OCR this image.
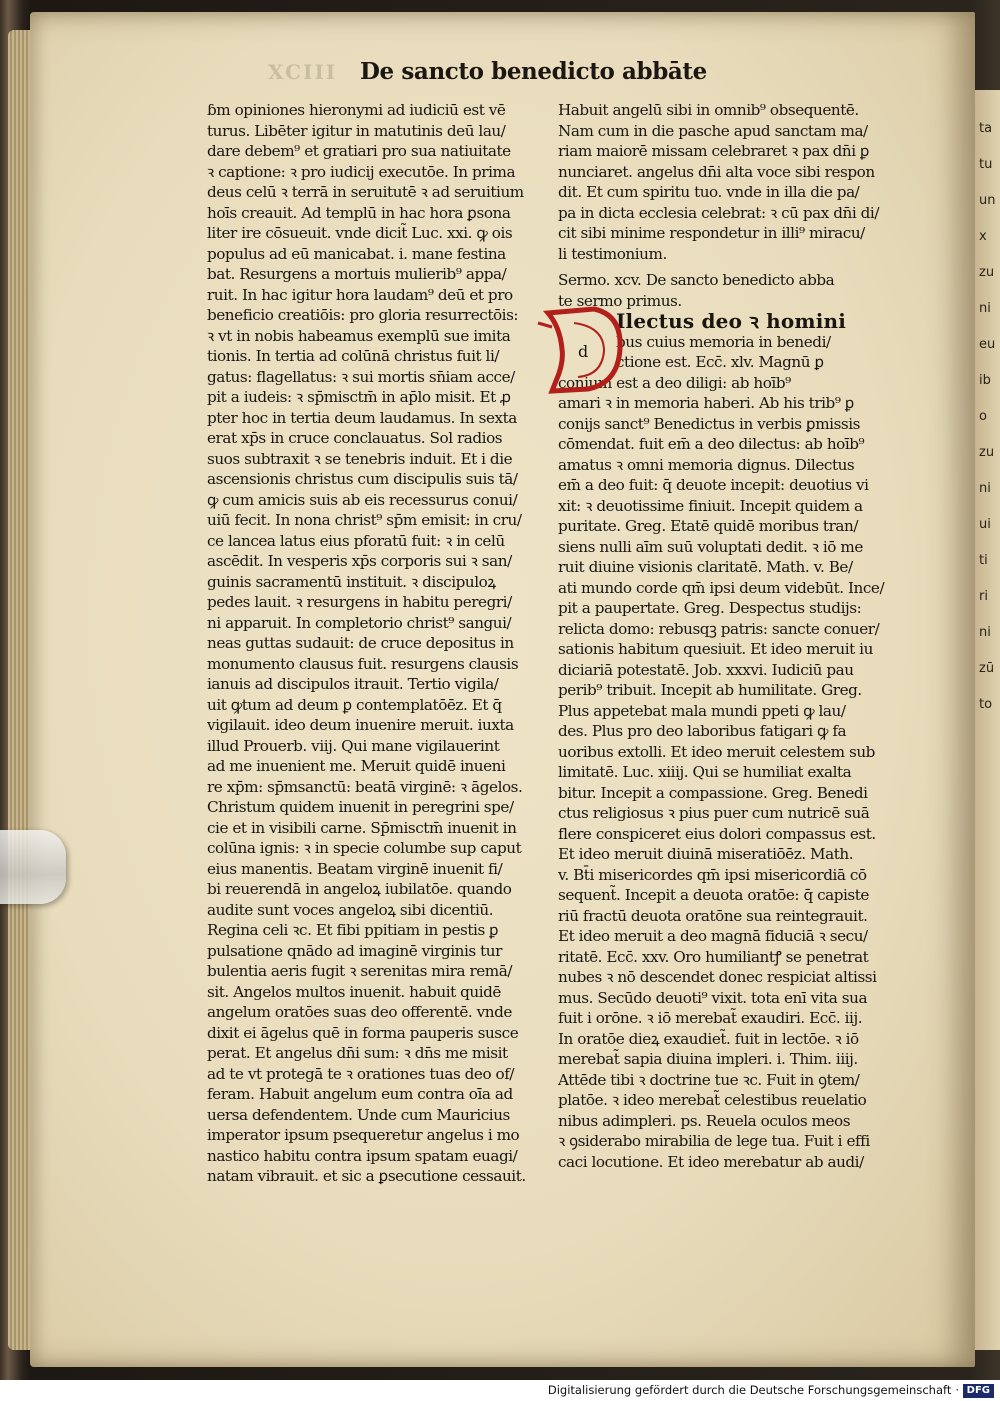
ta
tu
un
x
zu
ni
eu
ib
o
zu
ni
ui
ti
ri
ni
zū
to
XCIII De sancto benedicto abbāte
ɓm opiniones hieronymi ad iudiciū est vē
turus. Libēter igitur in matutinis deū lau/
dare debem⁹ et gratiari pro sua natiuitate
ꝛ captione: ꝛ pro iudicij executōe. In prima
deus celū ꝛ terrā in seruitutē ꝛ ad seruitium
hoīs creauit. Ad templū in hac hora ꝑsona
liter ire cōsueuit. vnde dicit̃ Luc. xxi. ꝙ ois
populus ad eū manicabat. i. mane festina
bat. Resurgens a mortuis mulierib⁹ appa/
ruit. In hac igitur hora laudam⁹ deū et pro
beneficio creatiōis: pro gloria resurrectōis:
ꝛ vt in nobis habeamus exemplū sue imita
tionis. In tertia ad colūnā christus fuit li/
gatus: flagellatus: ꝛ sui mortis sn̄iam acce/
pit a iudeis: ꝛ sp̄misctm̄ in ap̄lo misit. Et ꝓ
pter hoc in tertia deum laudamus. In sexta
erat xp̄s in cruce conclauatus. Sol radios
suos subtraxit ꝛ se tenebris induit. Et i die
ascensionis christus cum discipulis suis tā/
ꝙ cum amicis suis ab eis recessurus conui/
uiū fecit. In nona christ⁹ sp̄m emisit: in cru/
ce lancea latus eius pforatū fuit: ꝛ in celū
ascēdit. In vesperis xp̄s corporis sui ꝛ san/
guinis sacramentū instituit. ꝛ discipuloꝝ
pedes lauit. ꝛ resurgens in habitu peregri/
ni apparuit. In completorio christ⁹ sangui/
neas guttas sudauit: de cruce depositus in
monumento clausus fuit. resurgens clausis
ianuis ad discipulos itrauit. Tertio vigila/
uit ꝙtum ad deum ꝑ contemplatōēz. Et q̄
vigilauit. ideo deum inuenire meruit. iuxta
illud Prouerb. viij. Qui mane vigilauerint
ad me inuenient me. Meruit quidē inueni
re xp̄m: sp̄msanctū: beatā virginē: ꝛ āgelos.
Christum quidem inuenit in peregrini spe/
cie et in visibili carne. Sp̄misctm̄ inuenit in
colūna ignis: ꝛ in specie columbe sup caput
eius manentis. Beatam virginē inuenit fi/
bi reuerendā in angeloꝝ iubilatōe. quando
audite sunt voces angeloꝝ sibi dicentiū.
Regina celi ꝛc. Et fibi ppitiam in pestis ꝑ
pulsatione qnādo ad imaginē virginis tur
bulentia aeris fugit ꝛ serenitas mira remā/
sit. Angelos multos inuenit. habuit quidē
angelum oratōes suas deo offerentē. vnde
dixit ei āgelus quē in forma pauperis susce
perat. Et angelus dn̄i sum: ꝛ dn̄s me misit
ad te vt protegā te ꝛ orationes tuas deo of/
feram. Habuit angelum eum contra oīa ad
uersa defendentem. Unde cum Mauricius
imperator ipsum psequeretur angelus i mo
nastico habitu contra ipsum spatam euagi/
natam vibrauit. et sic a ꝑsecutione cessauit.
Habuit angelū sibi in omnib⁹ obsequentē.
Nam cum in die pasche apud sanctam ma/
riam maiorē missam celebraret ꝛ pax dn̄i ꝑ
nunciaret. angelus dn̄i alta voce sibi respon
dit. Et cum spiritu tuo. vnde in illa die pa/
pa in dicta ecclesia celebrat: ꝛ cū pax dn̄i di/
cit sibi minime respondetur in illi⁹ miracu/
li testimonium.
Sermo. xcv. De sancto benedicto abba
te sermo primus.
d
Ilectus deo ꝛ homini
bus cuius memoria in benedi/
ctione est. Ecc̄. xlv. Magnū ꝑ
conium est a deo diligi: ab hoīb⁹
amari ꝛ in memoria haberi. Ab his trib⁹ ꝑ
conijs sanct⁹ Benedictus in verbis ꝑmissis
cōmendat. fuit em̄ a deo dilectus: ab hoīb⁹
amatus ꝛ omni memoria dignus. Dilectus
em̄ a deo fuit: q̄ deuote incepit: deuotius vi
xit: ꝛ deuotissime finiuit. Incepit quidem a
puritate. Greg. Etatē quidē moribus tran/
siens nulli aīm suū voluptati dedit. ꝛ iō me
ruit diuine visionis claritatē. Math. v. Be/
ati mundo corde qm̄ ipsi deum videbūt. Ince/
pit a paupertate. Greg. Despectus studijs:
relicta domo: rebusqꝫ patris: sancte conuer/
sationis habitum quesiuit. Et ideo meruit iu
diciariā potestatē. Job. xxxvi. Iudiciū pau
perib⁹ tribuit. Incepit ab humilitate. Greg.
Plus appetebat mala mundi ppeti ꝙ lau/
des. Plus pro deo laboribus fatigari ꝙ fa
uoribus extolli. Et ideo meruit celestem sub
limitatē. Luc. xiiij. Qui se humiliat exalta
bitur. Incepit a compassione. Greg. Benedi
ctus religiosus ꝛ pius puer cum nutricē suā
flere conspiceret eius dolori compassus est.
Et ideo meruit diuinā miseratiōēz. Math.
v. Bt̄i misericordes qm̄ ipsi misericordiā cō
sequent̃. Incepit a deuota oratōe: q̄ capiste
riū fractū deuota oratōne sua reintegrauit.
Et ideo meruit a deo magnā fiduciā ꝛ secu/
ritatē. Ecc̄. xxv. Oro humiliantꝭ se penetrat
nubes ꝛ nō descendet donec respiciat altissi
mus. Secūdo deuoti⁹ vixit. tota enī vita sua
fuit i orōne. ꝛ iō merebat̃ exaudiri. Ecc̄. iij.
In oratōe dieꝝ exaudiet̃. fuit in lectōe. ꝛ iō
merebat̃ sapia diuina impleri. i. Thim. iiij.
Attēde tibi ꝛ doctrine tue ꝛc. Fuit in ꝯtem/
platōe. ꝛ ideo merebat̃ celestibus reuelatio
nibus adimpleri. ps. Reuela oculos meos
ꝛ ꝯsiderabo mirabilia de lege tua. Fuit i effi
caci locutione. Et ideo merebatur ab audi/
Digitalisierung gefördert durch die Deutsche Forschungsgemeinschaft · DFG
